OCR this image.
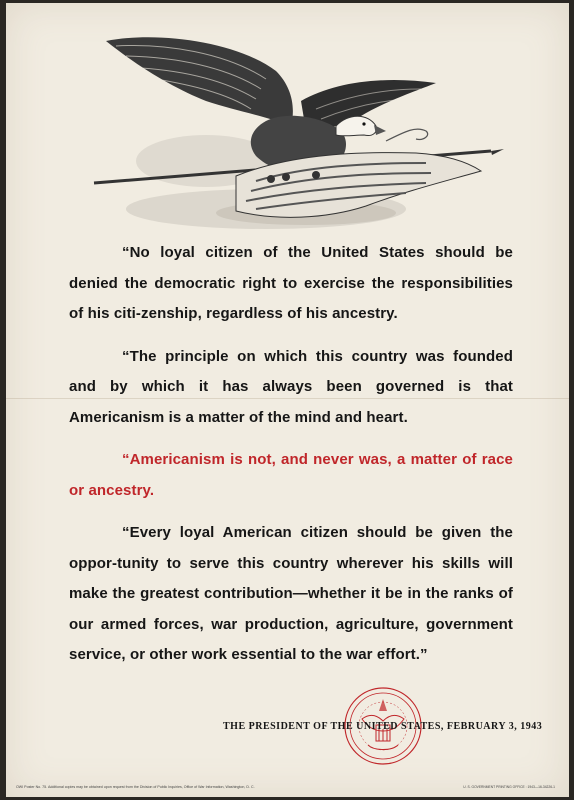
“No loyal citizen of the United States should be denied the democratic right to exercise the responsibilities of his citi-zenship, regardless of his ancestry.

“The principle on which this country was founded and by which it has always been governed is that Americanism is a matter of the mind and heart.

“Americanism is not, and never was, a matter of race or ancestry.

“Every loyal American citizen should be given the oppor-tunity to serve this country wherever his skills will make the greatest contribution—whether it be in the ranks of our armed forces, war production, agriculture, government service, or other work essential to the war effort.”

THE PRESIDENT OF THE UNITED STATES, FEBRUARY 3, 1943
OWI Poster No. 75. Additional copies may be obtained upon request from the Division of Public Inquiries, Office of War Information, Washington, D. C.	U. S. GOVERNMENT PRINTING OFFICE : 1943—16-34226-1
